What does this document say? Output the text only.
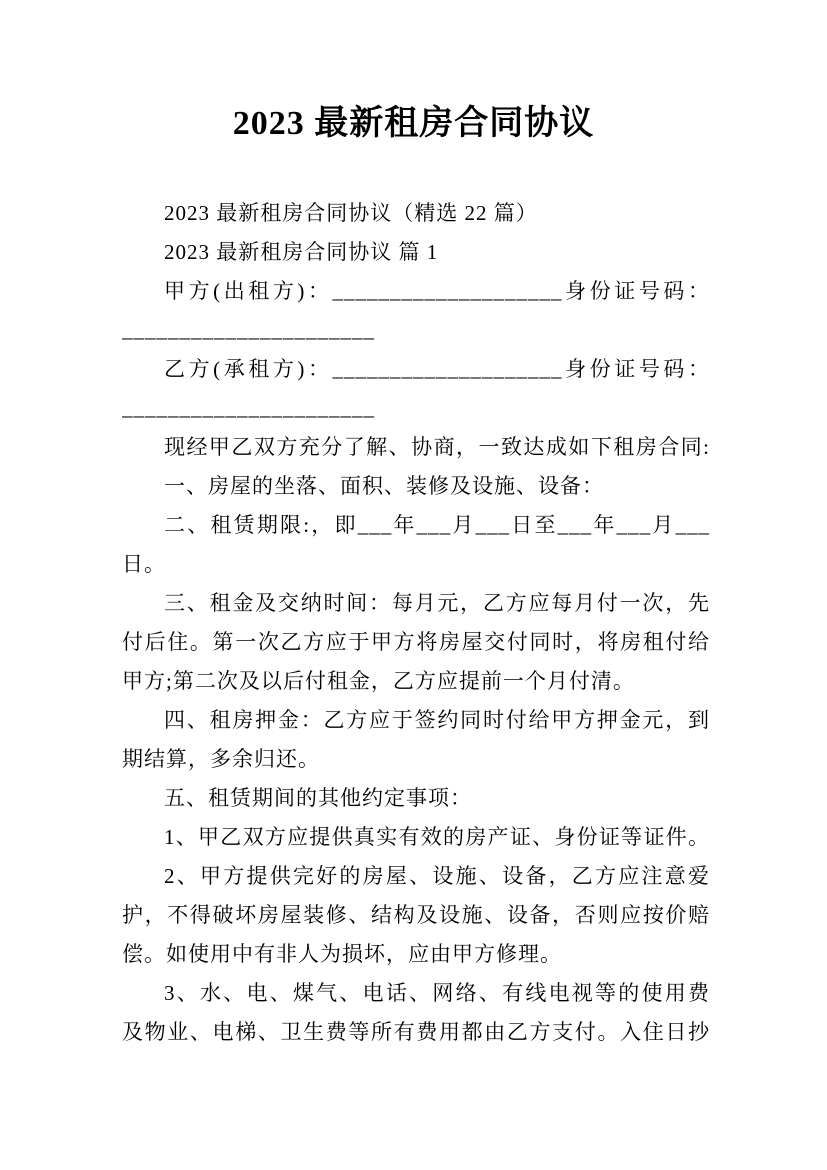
2023 最新租房合同协议
2023 最新租房合同协议（精选 22 篇）
2023 最新租房合同协议 篇 1
甲方(出租方)：____________________身份证号码：
______________________
乙方(承租方)：____________________身份证号码：
______________________
现经甲乙双方充分了解、协商，一致达成如下租房合同:
一、房屋的坐落、面积、装修及设施、设备：
二、租赁期限:，即___年___月___日至___年___月___
日。
三、租金及交纳时间：每月元，乙方应每月付一次，先
付后住。第一次乙方应于甲方将房屋交付同时，将房租付给
甲方;第二次及以后付租金，乙方应提前一个月付清。
四、租房押金：乙方应于签约同时付给甲方押金元，到
期结算，多余归还。
五、租赁期间的其他约定事项：
1、甲乙双方应提供真实有效的房产证、身份证等证件。
2、甲方提供完好的房屋、设施、设备，乙方应注意爱
护，不得破坏房屋装修、结构及设施、设备，否则应按价赔
偿。如使用中有非人为损坏，应由甲方修理。
3、水、电、煤气、电话、网络、有线电视等的使用费
及物业、电梯、卫生费等所有费用都由乙方支付。入住日抄
